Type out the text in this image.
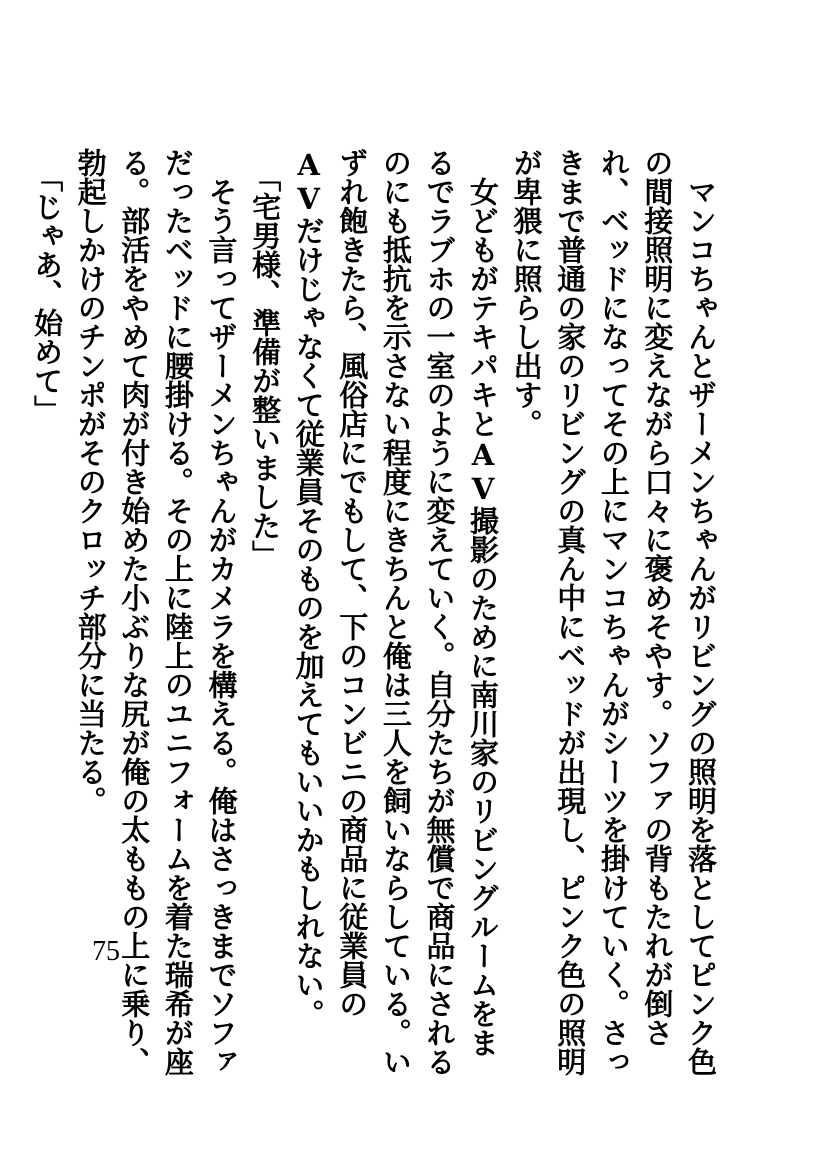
マンコちゃんとザーメンちゃんがリビングの照明を落としてピンク色の間接照明に変えながら口々に褒めそやす。ソファの背もたれが倒され、ベッドになってその上にマンコちゃんがシーツを掛けていく。さっきまで普通の家のリビングの真ん中にベッドが出現し、ピンク色の照明が卑猥に照らし出す。

女どもがテキパキとAV撮影のために南川家のリビングルームをまるでラブホの一室のように変えていく。自分たちが無償で商品にされるのにも抵抗を示さない程度にきちんと俺は三人を飼いならしている。いずれ飽きたら、風俗店にでもして、下のコンビニの商品に従業員のAVだけじゃなくて従業員そのものを加えてもいいかもしれない。

「宅男様、準備が整いました」

そう言ってザーメンちゃんがカメラを構える。俺はさっきまでソファだったベッドに腰掛ける。その上に陸上のユニフォームを着た瑞希が座る。部活をやめて肉が付き始めた小ぶりな尻が俺の太ももの上に乗り、勃起しかけのチンポがそのクロッチ部分に当たる。

「じゃあ、始めて」

75
